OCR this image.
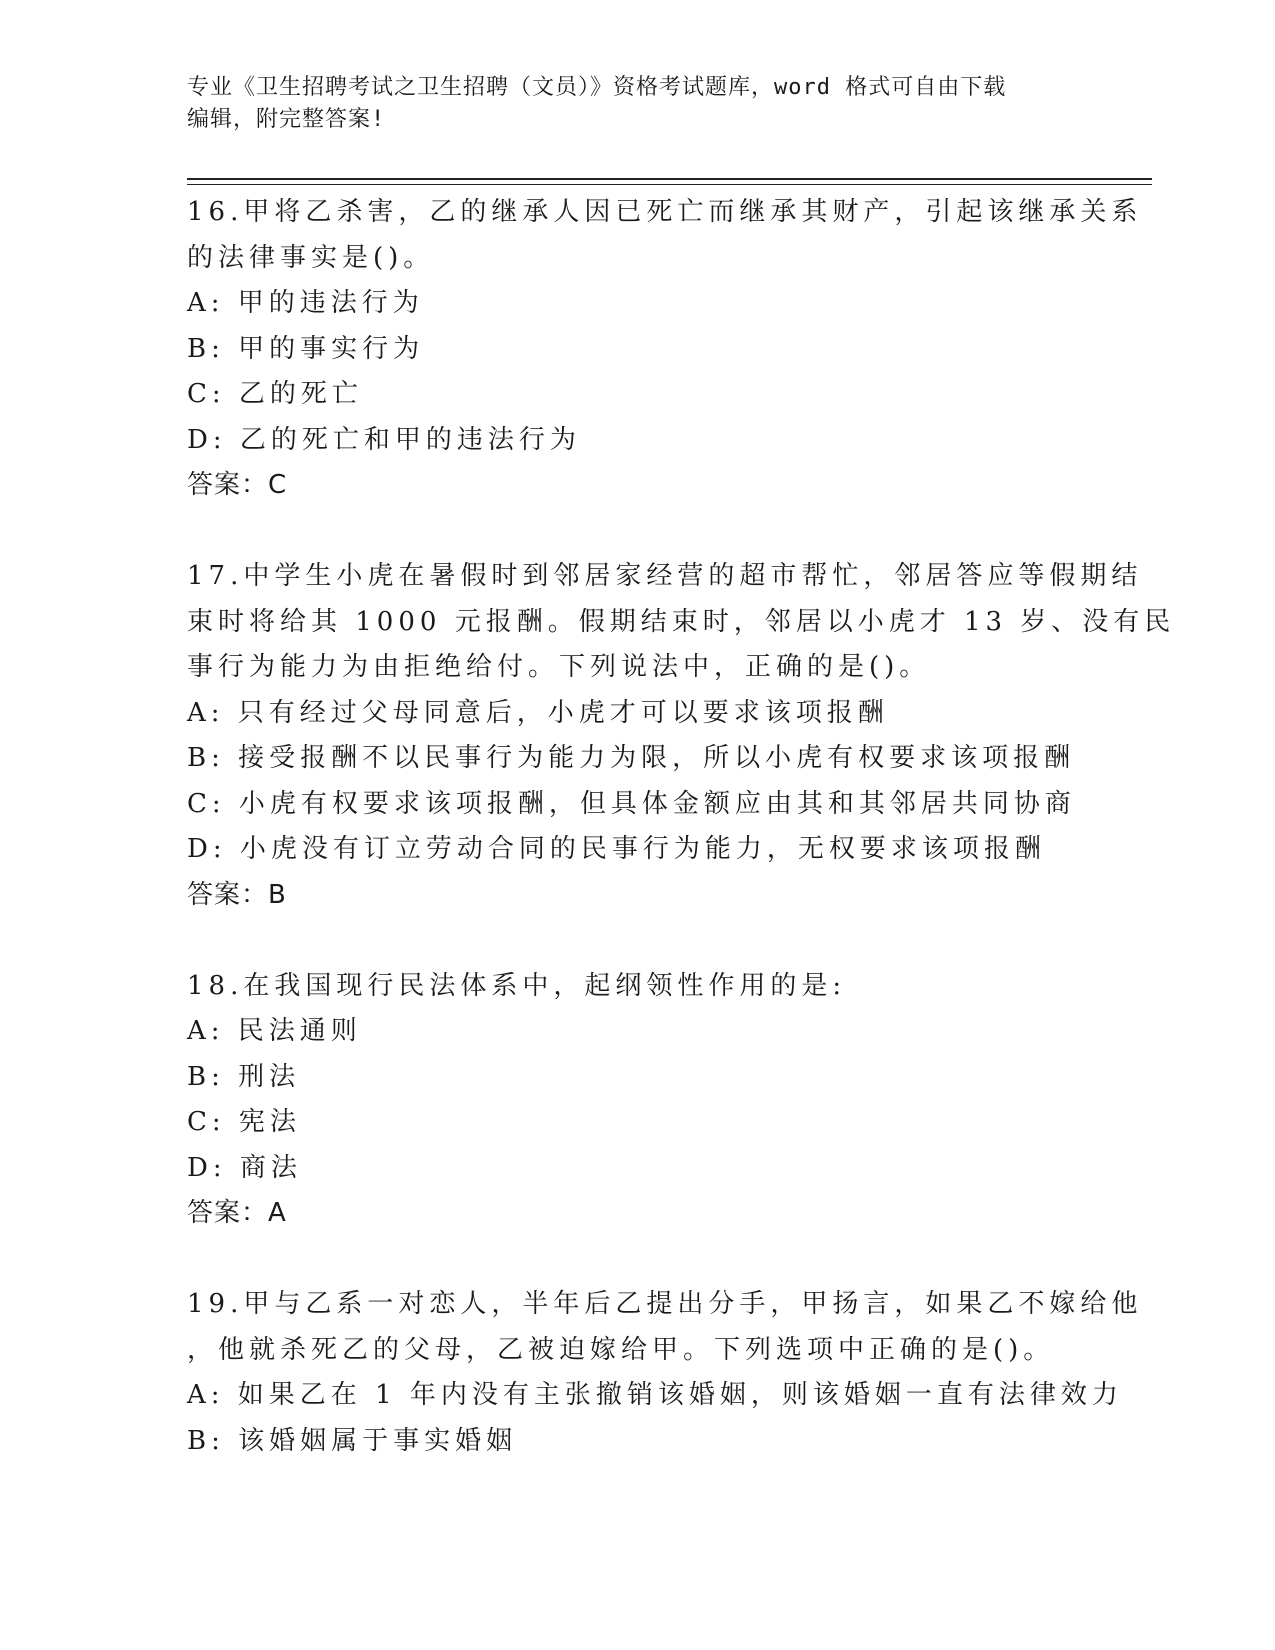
专业《卫生招聘考试之卫生招聘（文员）》资格考试题库，word 格式可自由下载
编辑，附完整答案!
16.甲将乙杀害，乙的继承人因已死亡而继承其财产，引起该继承关系
的法律事实是()。
A: 甲的违法行为
B: 甲的事实行为
C: 乙的死亡
D: 乙的死亡和甲的违法行为
答案：C
17.中学生小虎在暑假时到邻居家经营的超市帮忙，邻居答应等假期结
束时将给其 1000 元报酬。假期结束时，邻居以小虎才 13 岁、没有民
事行为能力为由拒绝给付。下列说法中，正确的是()。
A: 只有经过父母同意后，小虎才可以要求该项报酬
B: 接受报酬不以民事行为能力为限，所以小虎有权要求该项报酬
C: 小虎有权要求该项报酬，但具体金额应由其和其邻居共同协商
D: 小虎没有订立劳动合同的民事行为能力，无权要求该项报酬
答案：B
18.在我国现行民法体系中，起纲领性作用的是:
A: 民法通则
B: 刑法
C: 宪法
D: 商法
答案：A
19.甲与乙系一对恋人，半年后乙提出分手，甲扬言，如果乙不嫁给他
，他就杀死乙的父母，乙被迫嫁给甲。下列选项中正确的是()。
A: 如果乙在 1 年内没有主张撤销该婚姻，则该婚姻一直有法律效力
B: 该婚姻属于事实婚姻
